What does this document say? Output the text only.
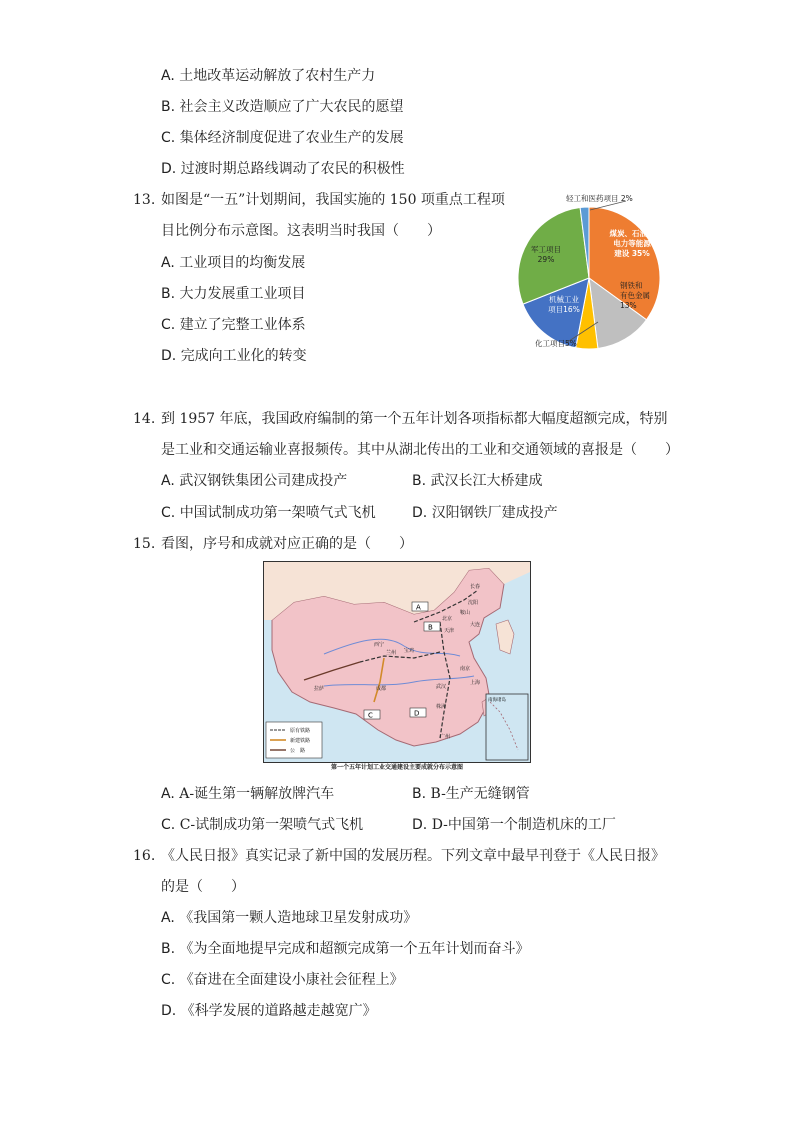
A. 土地改革运动解放了农村生产力
B. 社会主义改造顺应了广大农民的愿望
C. 集体经济制度促进了农业生产的发展
D. 过渡时期总路线调动了农民的积极性
13. 如图是“一五”计划期间，我国实施的 150 项重点工程项
目比例分布示意图。这表明当时我国（　　）
A. 工业项目的均衡发展
B. 大力发展重工业项目
C. 建立了完整工业体系
D. 完成向工业化的转变
煤炭、石油、电力等能源建设 35%
钢铁和有色金属 13%
化工项目5%
机械工业项目16%
军工项目 29%
轻工和医药项目 2%
14. 到 1957 年底，我国政府编制的第一个五年计划各项指标都大幅度超额完成，特别
是工业和交通运输业喜报频传。其中从湖北传出的工业和交通领域的喜报是（　　）
A. 武汉钢铁集团公司建成投产	B. 武汉长江大桥建成
C. 中国试制成功第一架喷气式飞机	D. 汉阳钢铁厂建成投产
15. 看图，序号和成就对应正确的是（　　）
A
B
C	D
长春
沈阳
大连
北京
天津
兰州
西宁
宝鸡
武汉
上海
南京
株洲
拉萨	成都
广州
鞍山
原有铁路
新建铁路
公　路
南海诸岛
第一个五年计划工业交通建设主要成就分布示意图
A. A-诞生第一辆解放牌汽车	B. B-生产无缝钢管
C. C-试制成功第一架喷气式飞机	D. D-中国第一个制造机床的工厂
16. 《人民日报》真实记录了新中国的发展历程。下列文章中最早刊登于《人民日报》
的是（　　）
A. 《我国第一颗人造地球卫星发射成功》
B. 《为全面地提早完成和超额完成第一个五年计划而奋斗》
C. 《奋进在全面建设小康社会征程上》
D. 《科学发展的道路越走越宽广》
